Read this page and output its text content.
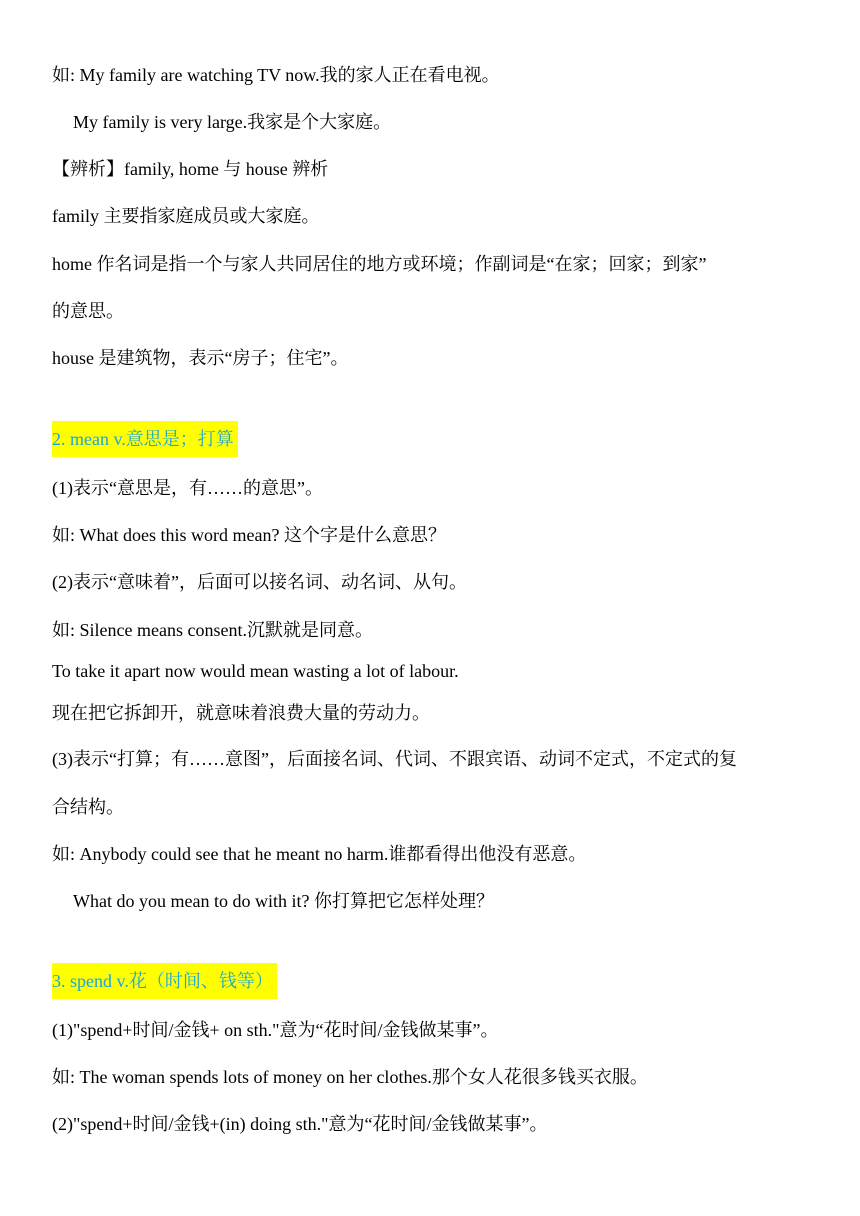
如: My family are watching TV now.我的家人正在看电视。
My family is very large.我家是个大家庭。
【辨析】family, home 与 house 辨析
family 主要指家庭成员或大家庭。
home 作名词是指一个与家人共同居住的地方或环境；作副词是“在家；回家；到家”
的意思。
house 是建筑物，表示“房子；住宅”。
2. mean v.意思是；打算
(1)表示“意思是，有……的意思”。
如: What does this word mean? 这个字是什么意思？
(2)表示“意味着”，后面可以接名词、动名词、从句。
如: Silence means consent.沉默就是同意。
To take it apart now would mean wasting a lot of labour.
现在把它拆卸开，就意味着浪费大量的劳动力。
(3)表示“打算；有……意图”，后面接名词、代词、不跟宾语、动词不定式，不定式的复
合结构。
如: Anybody could see that he meant no harm.谁都看得出他没有恶意。
What do you mean to do with it? 你打算把它怎样处理？
3. spend v.花（时间、钱等）
(1)"spend+时间/金钱+ on sth."意为“花时间/金钱做某事”。
如: The woman spends lots of money on her clothes.那个女人花很多钱买衣服。
(2)"spend+时间/金钱+(in) doing sth."意为“花时间/金钱做某事”。
